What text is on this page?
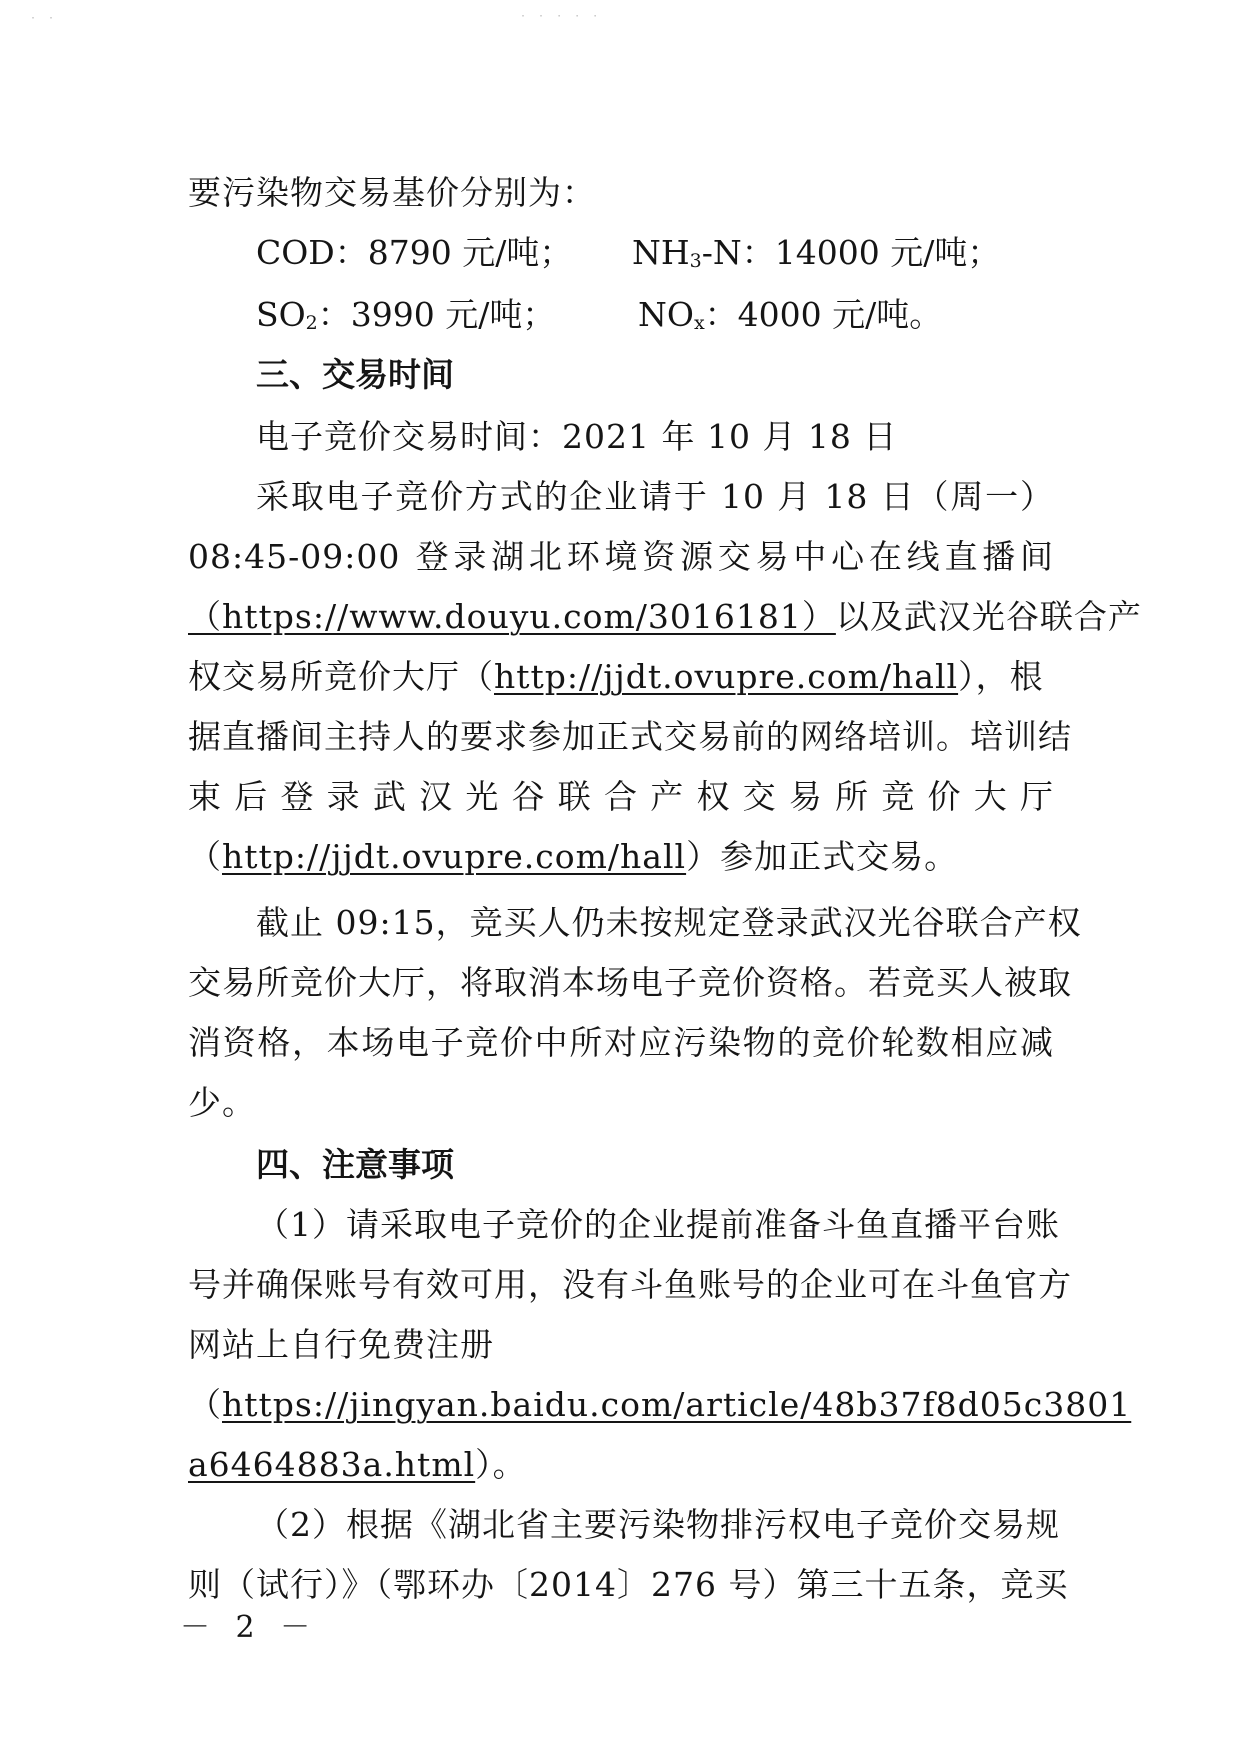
· ·	· · · · ·
要污染物交易基价分别为：
COD：8790 元/吨； $NH_3-N$：14000 元/吨；
$SO_2$：3990 元/吨；	$NO_x$：4000 元/吨。
三、交易时间
电子竞价交易时间：2021 年 10 月 18 日
采取电子竞价方式的企业请于 10 月 18 日（周一）
08:45-09:00 登录湖北环境资源交易中心在线直播间
（https://www.douyu.com/3016181）以及武汉光谷联合产
权交易所竞价大厅（http://jjdt.ovupre.com/hall），根
据直播间主持人的要求参加正式交易前的网络培训。培训结
束后登录武汉光谷联合产权交易所竞价大厅
（http://jjdt.ovupre.com/hall）参加正式交易。
截止 09:15，竞买人仍未按规定登录武汉光谷联合产权
交易所竞价大厅，将取消本场电子竞价资格。若竞买人被取
消资格，本场电子竞价中所对应污染物的竞价轮数相应减
少。
四、注意事项
（1）请采取电子竞价的企业提前准备斗鱼直播平台账
号并确保账号有效可用，没有斗鱼账号的企业可在斗鱼官方
网站上自行免费注册
（https://jingyan.baidu.com/article/48b37f8d05c3801
a6464883a.html）。
（2）根据《湖北省主要污染物排污权电子竞价交易规
则（试行）》（鄂环办〔2014〕276 号）第三十五条，竞买
－ 2 －
